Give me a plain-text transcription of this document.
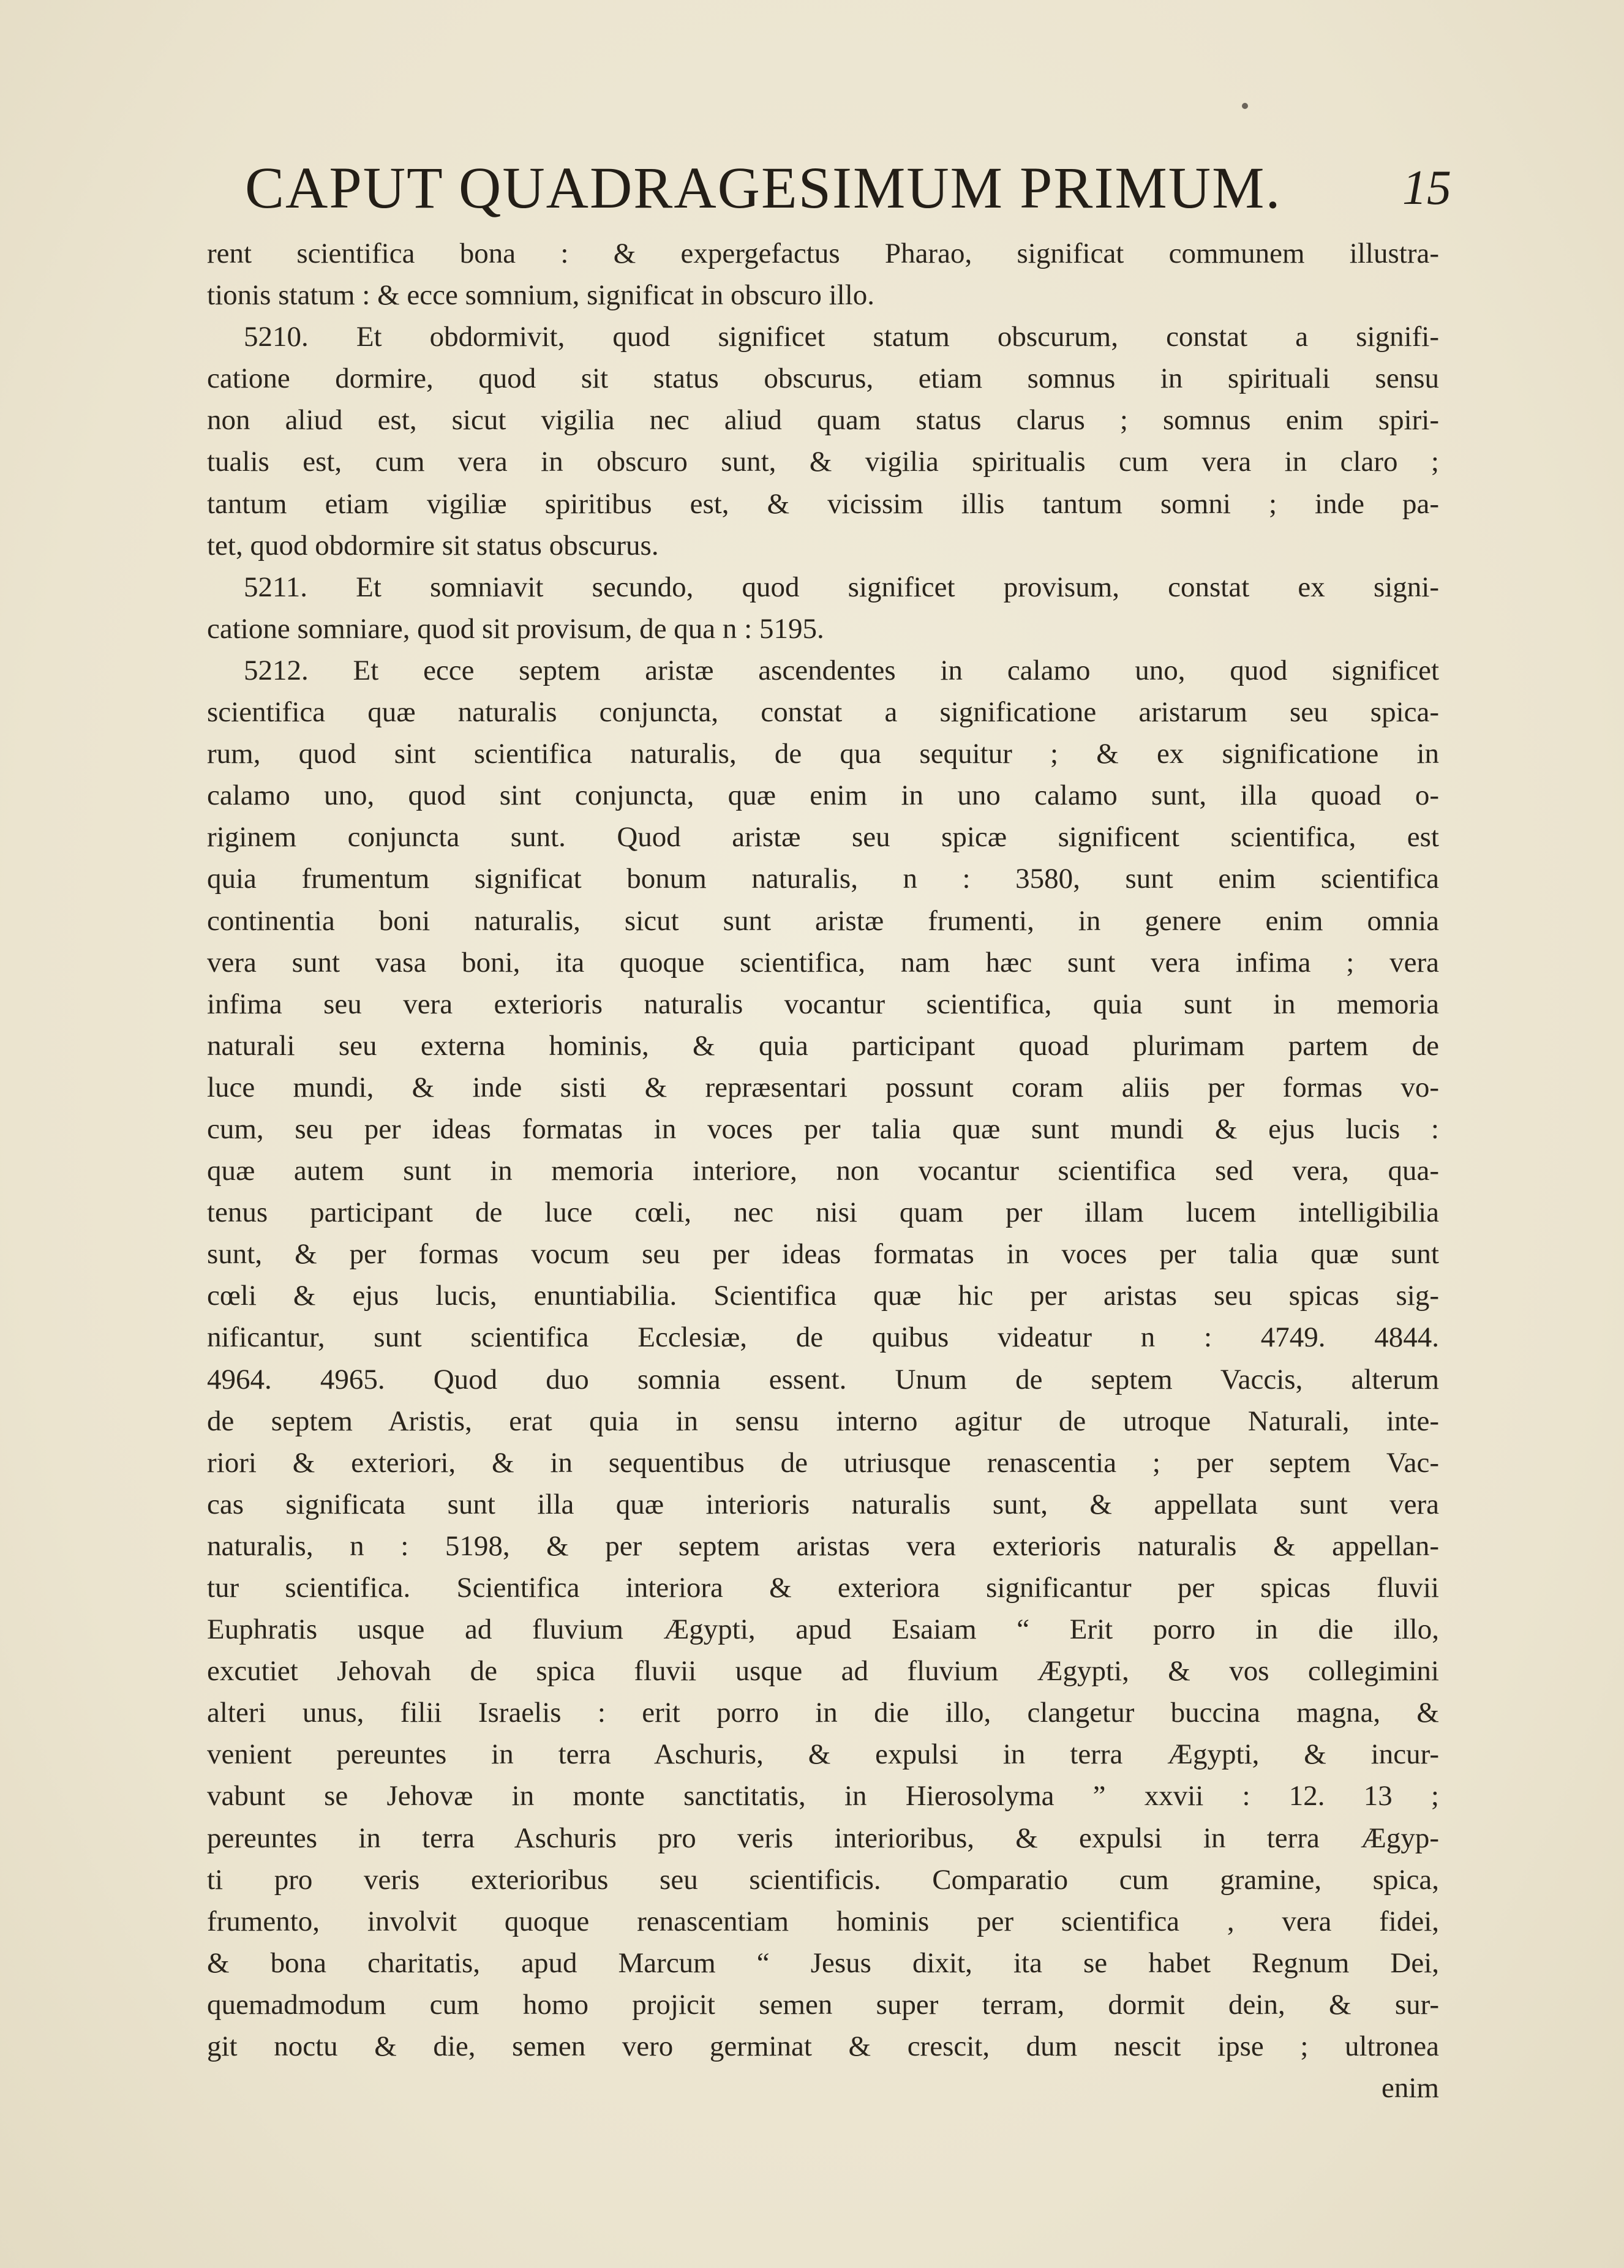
CAPUT QUADRAGESIMUM PRIMUM. 15
rent scientifica bona : & expergefactus Pharao, significat communem illustra-
tionis statum : & ecce somnium, significat in obscuro illo.
5210. Et obdormivit, quod significet statum obscurum, constat a signifi-
catione dormire, quod sit status obscurus, etiam somnus in spirituali sensu
non aliud est, sicut vigilia nec aliud quam status clarus ; somnus enim spiri-
tualis est, cum vera in obscuro sunt, & vigilia spiritualis cum vera in claro ;
tantum etiam vigiliæ spiritibus est, & vicissim illis tantum somni ; inde pa-
tet, quod obdormire sit status obscurus.
5211. Et somniavit secundo, quod significet provisum, constat ex signi-
catione somniare, quod sit provisum, de qua n : 5195.
5212. Et ecce septem aristæ ascendentes in calamo uno, quod significet
scientifica quæ naturalis conjuncta, constat a significatione aristarum seu spica-
rum, quod sint scientifica naturalis, de qua sequitur ; & ex significatione in
calamo uno, quod sint conjuncta, quæ enim in uno calamo sunt, illa quoad o-
riginem conjuncta sunt. Quod aristæ seu spicæ significent scientifica, est
quia frumentum significat bonum naturalis, n : 3580, sunt enim scientifica
continentia boni naturalis, sicut sunt aristæ frumenti, in genere enim omnia
vera sunt vasa boni, ita quoque scientifica, nam hæc sunt vera infima ; vera
infima seu vera exterioris naturalis vocantur scientifica, quia sunt in memoria
naturali seu externa hominis, & quia participant quoad plurimam partem de
luce mundi, & inde sisti & repræsentari possunt coram aliis per formas vo-
cum, seu per ideas formatas in voces per talia quæ sunt mundi & ejus lucis :
quæ autem sunt in memoria interiore, non vocantur scientifica sed vera, qua-
tenus participant de luce cœli, nec nisi quam per illam lucem intelligibilia
sunt, & per formas vocum seu per ideas formatas in voces per talia quæ sunt
cœli & ejus lucis, enuntiabilia. Scientifica quæ hic per aristas seu spicas sig-
nificantur, sunt scientifica Ecclesiæ, de quibus videatur n : 4749. 4844.
4964. 4965. Quod duo somnia essent. Unum de septem Vaccis, alterum
de septem Aristis, erat quia in sensu interno agitur de utroque Naturali, inte-
riori & exteriori, & in sequentibus de utriusque renascentia ; per septem Vac-
cas significata sunt illa quæ interioris naturalis sunt, & appellata sunt vera
naturalis, n : 5198, & per septem aristas vera exterioris naturalis & appellan-
tur scientifica. Scientifica interiora & exteriora significantur per spicas fluvii
Euphratis usque ad fluvium Ægypti, apud Esaiam “ Erit porro in die illo,
excutiet Jehovah de spica fluvii usque ad fluvium Ægypti, & vos collegimini
alteri unus, filii Israelis : erit porro in die illo, clangetur buccina magna, &
venient pereuntes in terra Aschuris, & expulsi in terra Ægypti, & incur-
vabunt se Jehovæ in monte sanctitatis, in Hierosolyma ” xxvii : 12. 13 ;
pereuntes in terra Aschuris pro veris interioribus, & expulsi in terra Ægyp-
ti pro veris exterioribus seu scientificis. Comparatio cum gramine, spica,
frumento, involvit quoque renascentiam hominis per scientifica , vera fidei,
& bona charitatis, apud Marcum “ Jesus dixit, ita se habet Regnum Dei,
quemadmodum cum homo projicit semen super terram, dormit dein, & sur-
git noctu & die, semen vero germinat & crescit, dum nescit ipse ; ultronea
enim
